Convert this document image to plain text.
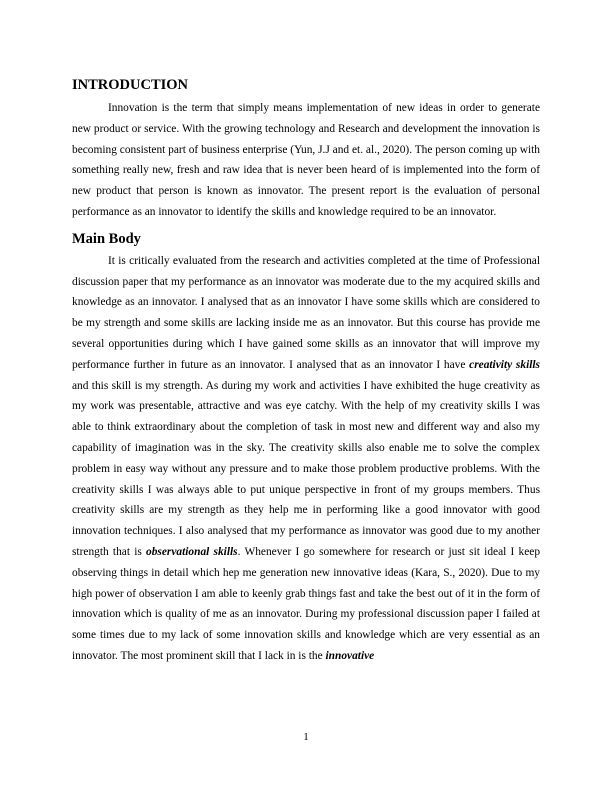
INTRODUCTION

Innovation is the term that simply means implementation of new ideas in order to generate new product or service. With the growing technology and Research and development the innovation is becoming consistent part of business enterprise (Yun, J.J and et. al., 2020). The person coming up with something really new, fresh and raw idea that is never been heard of is implemented into the form of new product that person is known as innovator. The present report is the evaluation of personal performance as an innovator to identify the skills and knowledge required to be an innovator.

Main Body

It is critically evaluated from the research and activities completed at the time of Professional discussion paper that my performance as an innovator was moderate due to the my acquired skills and knowledge as an innovator. I analysed that as an innovator I have some skills which are considered to be my strength and some skills are lacking inside me as an innovator. But this course has provide me several opportunities during which I have gained some skills as an innovator that will improve my performance further in future as an innovator. I analysed that as an innovator I have creativity skills and this skill is my strength. As during my work and activities I have exhibited the huge creativity as my work was presentable, attractive and was eye catchy. With the help of my creativity skills I was able to think extraordinary about the completion of task in most new and different way and also my capability of imagination was in the sky. The creativity skills also enable me to solve the complex problem in easy way without any pressure and to make those problem productive problems. With the creativity skills I was always able to put unique perspective in front of my groups members. Thus creativity skills are my strength as they help me in performing like a good innovator with good innovation techniques. I also analysed that my performance as innovator was good due to my another strength that is observational skills. Whenever I go somewhere for research or just sit ideal I keep observing things in detail which hep me generation new innovative ideas (Kara, S., 2020). Due to my high power of observation I am able to keenly grab things fast and take the best out of it in the form of innovation which is quality of me as an innovator. During my professional discussion paper I failed at some times due to my lack of some innovation skills and knowledge which are very essential as an innovator. The most prominent skill that I lack in is the innovative

1
